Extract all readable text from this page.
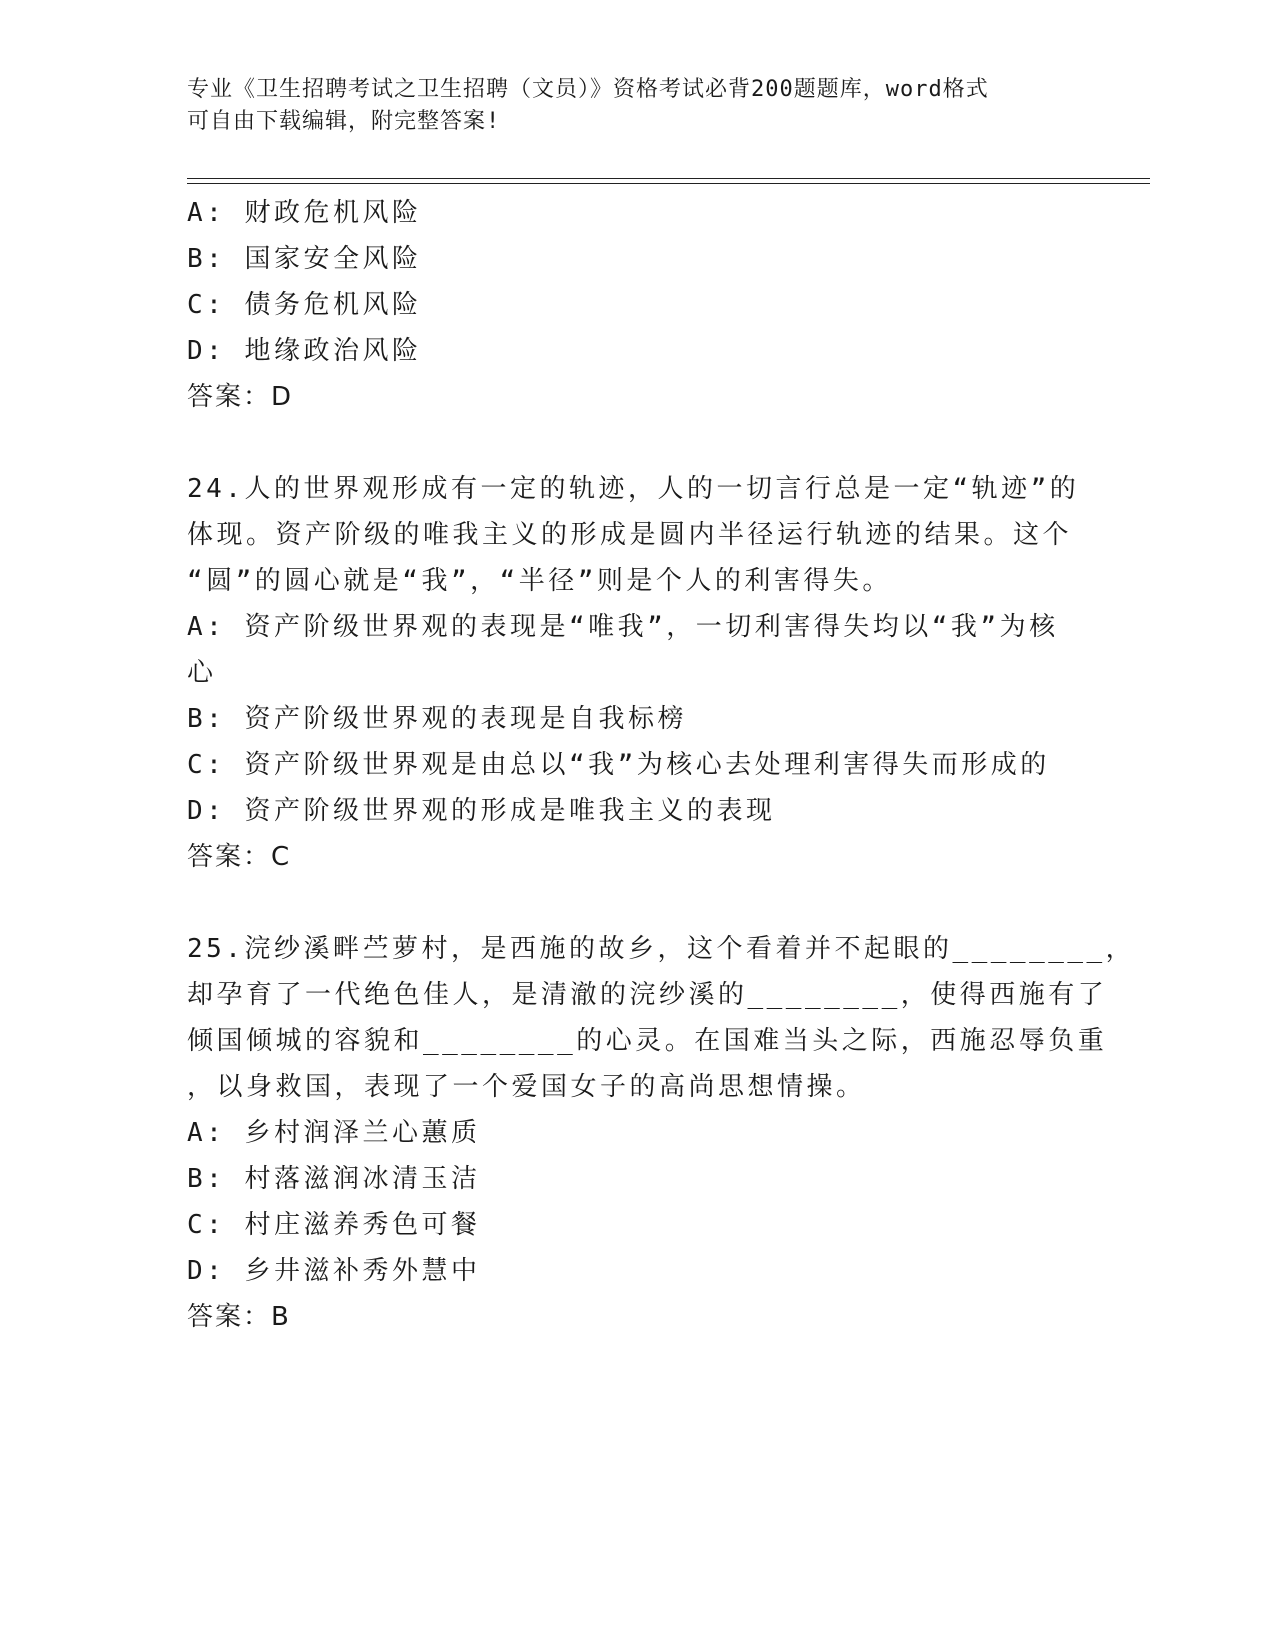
专业《卫生招聘考试之卫生招聘（文员）》资格考试必背200题题库，word格式

可自由下载编辑，附完整答案!

A: 财政危机风险
B: 国家安全风险
C: 债务危机风险
D: 地缘政治风险
答案：D
24.人的世界观形成有一定的轨迹，人的一切言行总是一定“轨迹”的
体现。资产阶级的唯我主义的形成是圆内半径运行轨迹的结果。这个
“圆”的圆心就是“我”，“半径”则是个人的利害得失。
A: 资产阶级世界观的表现是“唯我”，一切利害得失均以“我”为核
心
B: 资产阶级世界观的表现是自我标榜
C: 资产阶级世界观是由总以“我”为核心去处理利害得失而形成的
D: 资产阶级世界观的形成是唯我主义的表现
答案：C
25.浣纱溪畔苎萝村，是西施的故乡，这个看着并不起眼的________，
却孕育了一代绝色佳人，是清澈的浣纱溪的________，使得西施有了
倾国倾城的容貌和________的心灵。在国难当头之际，西施忍辱负重
，以身救国，表现了一个爱国女子的高尚思想情操。
A: 乡村润泽兰心蕙质
B: 村落滋润冰清玉洁
C: 村庄滋养秀色可餐
D: 乡井滋补秀外慧中
答案：B
